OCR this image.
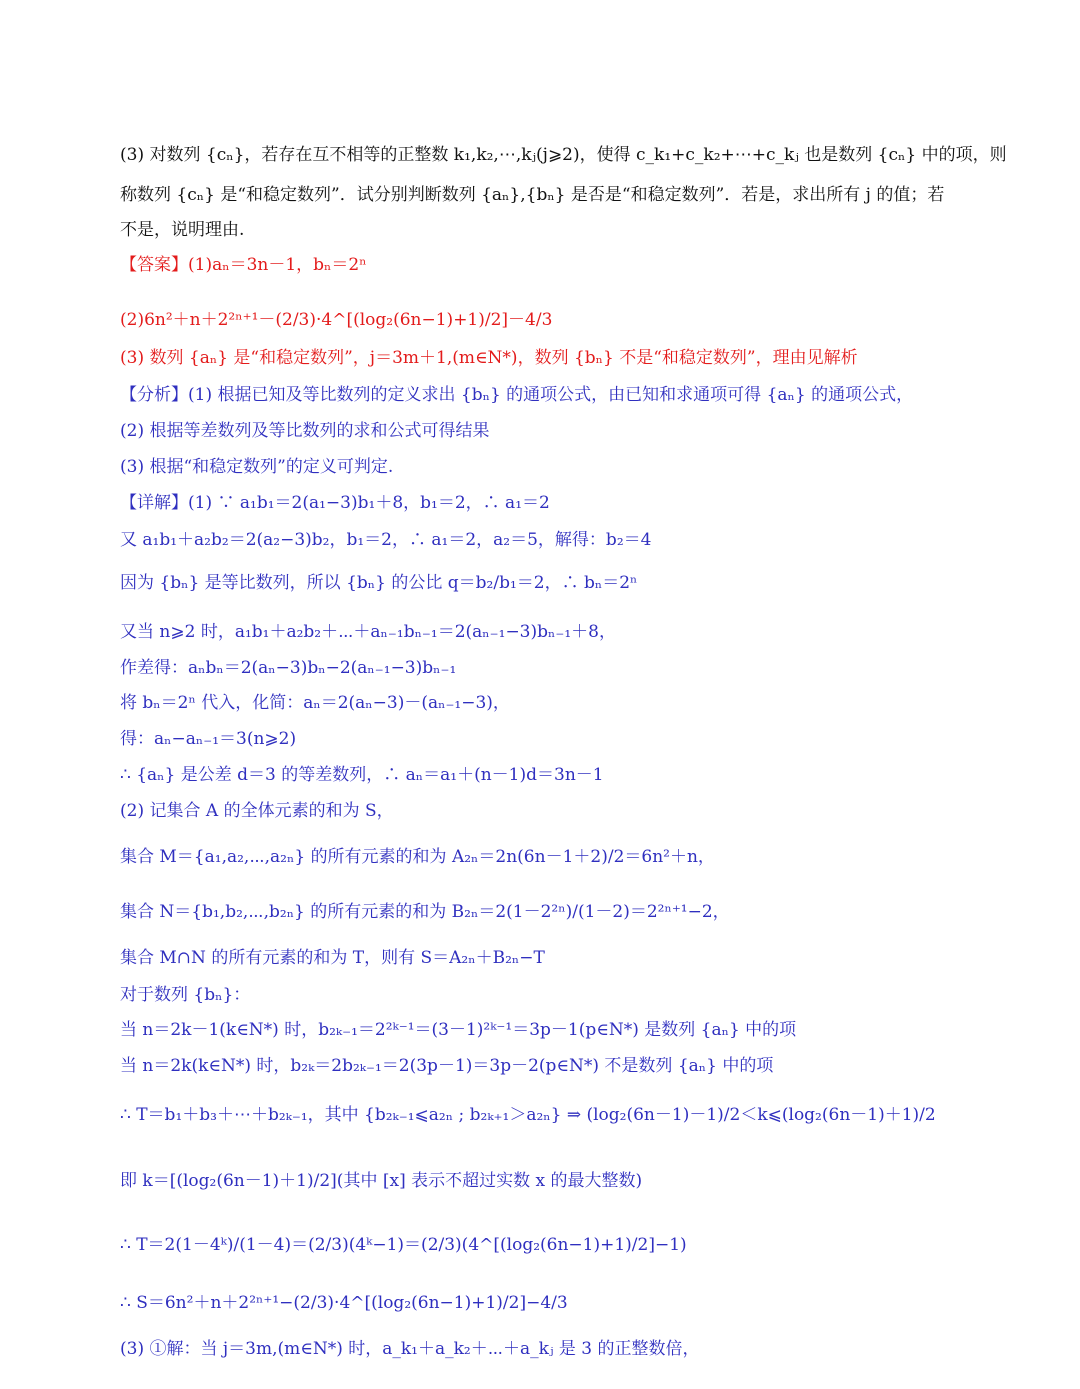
(3) 对数列 {cₙ}，若存在互不相等的正整数 k₁,k₂,⋯,kⱼ(j⩾2)，使得 c_k₁+c_k₂+⋯+c_kⱼ 也是数列 {cₙ} 中的项，则
称数列 {cₙ} 是“和稳定数列”．试分别判断数列 {aₙ},{bₙ} 是否是“和稳定数列”．若是，求出所有 j 的值；若
不是，说明理由.
【答案】(1)aₙ＝3n－1，bₙ＝2ⁿ
(2)6n²＋n＋2²ⁿ⁺¹－(2/3)·4^[(log₂(6n−1)+1)/2]－4/3
(3) 数列 {aₙ} 是“和稳定数列”，j＝3m＋1,(m∈N*)，数列 {bₙ} 不是“和稳定数列”，理由见解析
【分析】(1) 根据已知及等比数列的定义求出 {bₙ} 的通项公式，由已知和求通项可得 {aₙ} 的通项公式，
(2) 根据等差数列及等比数列的求和公式可得结果
(3) 根据“和稳定数列”的定义可判定.
【详解】(1) ∵ a₁b₁＝2(a₁−3)b₁＋8，b₁＝2，∴ a₁＝2
又 a₁b₁＋a₂b₂＝2(a₂−3)b₂，b₁＝2，∴ a₁＝2，a₂＝5，解得：b₂＝4
因为 {bₙ} 是等比数列，所以 {bₙ} 的公比 q＝b₂/b₁＝2，∴ bₙ＝2ⁿ
又当 n⩾2 时，a₁b₁＋a₂b₂＋⋯＋aₙ₋₁bₙ₋₁＝2(aₙ₋₁−3)bₙ₋₁＋8，
作差得：aₙbₙ＝2(aₙ−3)bₙ−2(aₙ₋₁−3)bₙ₋₁
将 bₙ＝2ⁿ 代入，化简：aₙ＝2(aₙ−3)－(aₙ₋₁−3)，
得：aₙ−aₙ₋₁＝3(n⩾2)
∴ {aₙ} 是公差 d＝3 的等差数列，∴ aₙ＝a₁＋(n－1)d＝3n－1
(2) 记集合 A 的全体元素的和为 S，
集合 M＝{a₁,a₂,⋯,a₂ₙ} 的所有元素的和为 A₂ₙ＝2n(6n－1＋2)/2＝6n²＋n，
集合 N＝{b₁,b₂,⋯,b₂ₙ} 的所有元素的和为 B₂ₙ＝2(1－2²ⁿ)/(1－2)＝2²ⁿ⁺¹−2，
集合 M∩N 的所有元素的和为 T，则有 S＝A₂ₙ＋B₂ₙ−T
对于数列 {bₙ}：
当 n＝2k－1(k∈N*) 时，b₂ₖ₋₁＝2²ᵏ⁻¹＝(3－1)²ᵏ⁻¹＝3p－1(p∈N*) 是数列 {aₙ} 中的项
当 n＝2k(k∈N*) 时，b₂ₖ＝2b₂ₖ₋₁＝2(3p－1)＝3p－2(p∈N*) 不是数列 {aₙ} 中的项
∴ T＝b₁＋b₃＋⋯＋b₂ₖ₋₁，其中 {b₂ₖ₋₁⩽a₂ₙ ; b₂ₖ₊₁＞a₂ₙ} ⇒ (log₂(6n－1)－1)/2＜k⩽(log₂(6n－1)＋1)/2
即 k＝[(log₂(6n－1)＋1)/2](其中 [x] 表示不超过实数 x 的最大整数)
∴ T＝2(1－4ᵏ)/(1－4)＝(2/3)(4ᵏ−1)＝(2/3)(4^[(log₂(6n−1)+1)/2]−1)
∴ S＝6n²＋n＋2²ⁿ⁺¹−(2/3)·4^[(log₂(6n−1)+1)/2]−4/3
(3) ①解：当 j＝3m,(m∈N*) 时，a_k₁＋a_k₂＋⋯＋a_kⱼ 是 3 的正整数倍，
